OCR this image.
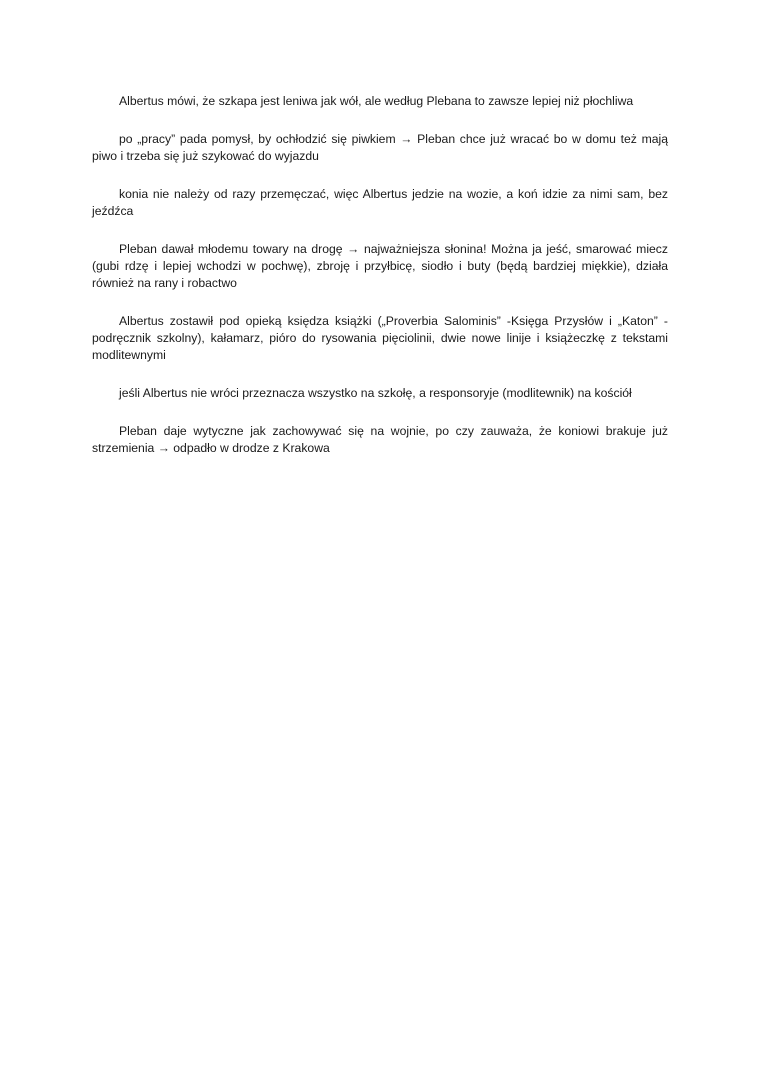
Albertus mówi, że szkapa jest leniwa jak wół, ale według Plebana to zawsze lepiej niż płochliwa

po „pracy” pada pomysł, by ochłodzić się piwkiem → Pleban chce już wracać bo w domu też mają piwo i trzeba się już szykować do wyjazdu

konia nie należy od razy przemęczać, więc Albertus jedzie na wozie, a koń idzie za nimi sam, bez jeźdźca

Pleban dawał młodemu towary na drogę → najważniejsza słonina! Można ja jeść, smarować miecz (gubi rdzę i lepiej wchodzi w pochwę), zbroję i przyłbicę, siodło i buty (będą bardziej miękkie), działa również na rany i robactwo

Albertus zostawił pod opieką księdza książki („Proverbia Salominis” -Księga Przysłów i „Katon” -podręcznik szkolny), kałamarz, pióro do rysowania pięciolinii, dwie nowe linije i książeczkę z tekstami modlitewnymi

jeśli Albertus nie wróci przeznacza wszystko na szkołę, a responsoryje (modlitewnik) na kościół

Pleban daje wytyczne jak zachowywać się na wojnie, po czy zauważa, że koniowi brakuje już strzemienia → odpadło w drodze z Krakowa
